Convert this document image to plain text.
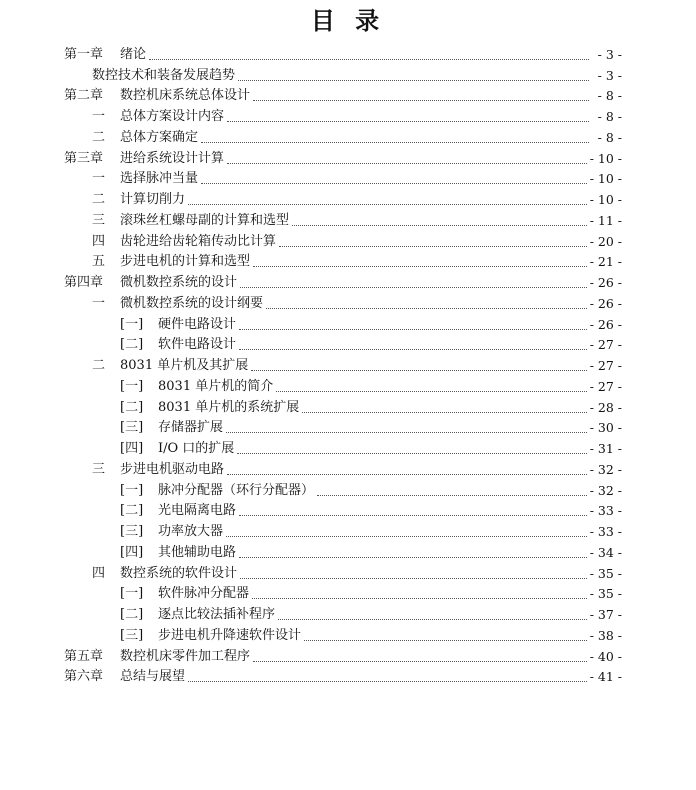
目 录
第一章	绪论	- 3 -
数控技术和装备发展趋势	- 3 -
第二章	数控机床系统总体设计	- 8 -
一	总体方案设计内容	- 8 -
二	总体方案确定	- 8 -
第三章	进给系统设计计算	- 10 -
一	选择脉冲当量	- 10 -
二	计算切削力	- 10 -
三	滚珠丝杠螺母副的计算和选型	- 11 -
四	齿轮进给齿轮箱传动比计算	- 20 -
五	步进电机的计算和选型	- 21 -
第四章	微机数控系统的设计	- 26 -
一	微机数控系统的设计纲要	- 26 -
[一]	硬件电路设计	- 26 -
[二]	软件电路设计	- 27 -
二	8031 单片机及其扩展	- 27 -
[一]	8031 单片机的简介	- 27 -
[二]	8031 单片机的系统扩展	- 28 -
[三]	存储器扩展	- 30 -
[四]	I/O 口的扩展	- 31 -
三	步进电机驱动电路	- 32 -
[一]	脉冲分配器（环行分配器）	- 32 -
[二]	光电隔离电路	- 33 -
[三]	功率放大器	- 33 -
[四]	其他辅助电路	- 34 -
四	数控系统的软件设计	- 35 -
[一]	软件脉冲分配器	- 35 -
[二]	逐点比较法插补程序	- 37 -
[三]	步进电机升降速软件设计	- 38 -
第五章	数控机床零件加工程序	- 40 -
第六章	总结与展望	- 41 -
